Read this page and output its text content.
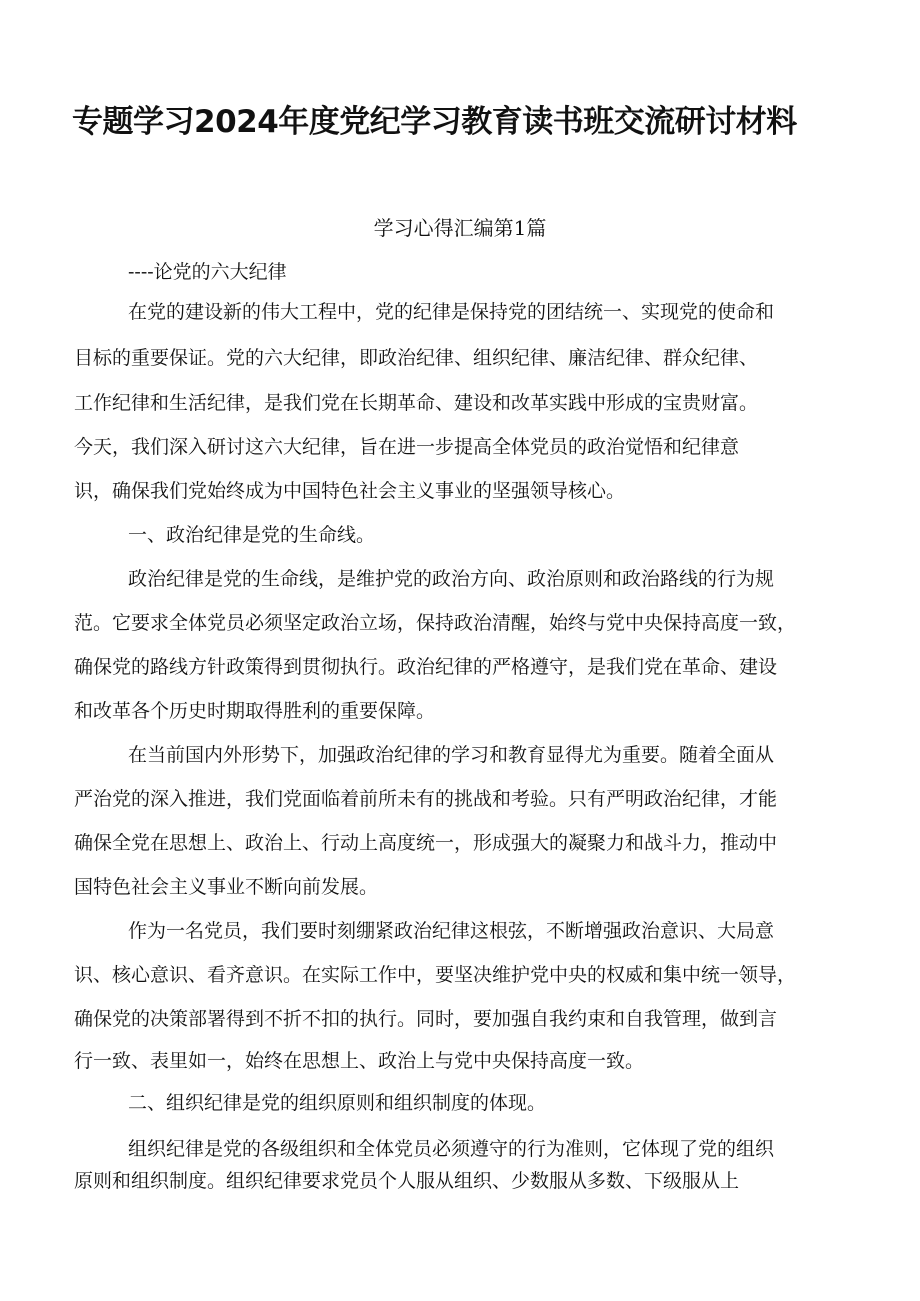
专题学习2024年度党纪学习教育读书班交流研讨材料
学习心得汇编第1篇
----论党的六大纪律
在党的建设新的伟大工程中，党的纪律是保持党的团结统一、实现党的使命和
目标的重要保证。党的六大纪律，即政治纪律、组织纪律、廉洁纪律、群众纪律、
工作纪律和生活纪律，是我们党在长期革命、建设和改革实践中形成的宝贵财富。
今天，我们深入研讨这六大纪律，旨在进一步提高全体党员的政治觉悟和纪律意
识，确保我们党始终成为中国特色社会主义事业的坚强领导核心。
一、政治纪律是党的生命线。
政治纪律是党的生命线，是维护党的政治方向、政治原则和政治路线的行为规
范。它要求全体党员必须坚定政治立场，保持政治清醒，始终与党中央保持高度一致，
确保党的路线方针政策得到贯彻执行。政治纪律的严格遵守，是我们党在革命、建设
和改革各个历史时期取得胜利的重要保障。
在当前国内外形势下，加强政治纪律的学习和教育显得尤为重要。随着全面从
严治党的深入推进，我们党面临着前所未有的挑战和考验。只有严明政治纪律，才能
确保全党在思想上、政治上、行动上高度统一，形成强大的凝聚力和战斗力，推动中
国特色社会主义事业不断向前发展。
作为一名党员，我们要时刻绷紧政治纪律这根弦，不断增强政治意识、大局意
识、核心意识、看齐意识。在实际工作中，要坚决维护党中央的权威和集中统一领导，
确保党的决策部署得到不折不扣的执行。同时，要加强自我约束和自我管理，做到言
行一致、表里如一，始终在思想上、政治上与党中央保持高度一致。
二、组织纪律是党的组织原则和组织制度的体现。
组织纪律是党的各级组织和全体党员必须遵守的行为准则，它体现了党的组织
原则和组织制度。组织纪律要求党员个人服从组织、少数服从多数、下级服从上
